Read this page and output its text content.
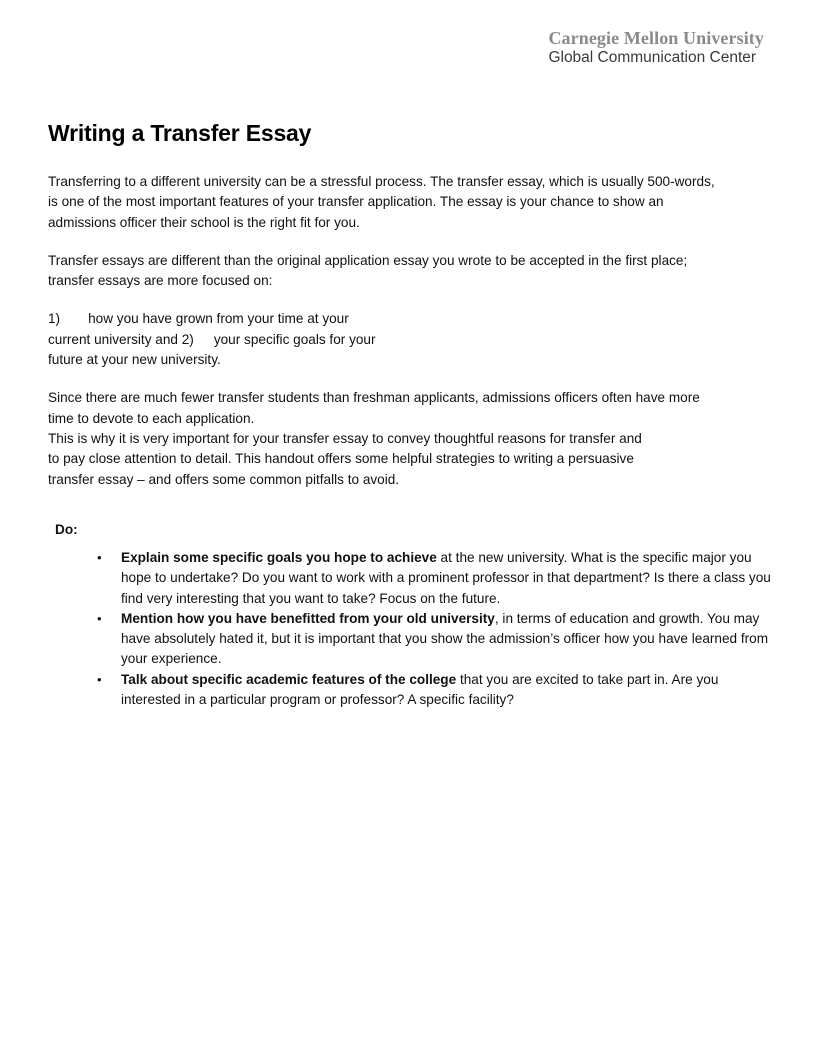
Carnegie Mellon University
Global Communication Center
Writing a Transfer Essay

Transferring to a different university can be a stressful process. The transfer essay, which is usually 500-words,
is one of the most important features of your transfer application. The essay is your chance to show an
admissions officer their school is the right fit for you.

Transfer essays are different than the original application essay you wrote to be accepted in the first place;
transfer essays are more focused on:

1) how you have grown from your time at your
current university and 2) your specific goals for your
future at your new university.

Since there are much fewer transfer students than freshman applicants, admissions officers often have more
time to devote to each application.
This is why it is very important for your transfer essay to convey thoughtful reasons for transfer and
to pay close attention to detail. This handout offers some helpful strategies to writing a persuasive
transfer essay – and offers some common pitfalls to avoid.

Do:
• Explain some specific goals you hope to achieve at the new university. What is the specific major you hope to undertake? Do you want to work with a prominent professor in that department? Is there a class you find very interesting that you want to take? Focus on the future.
• Mention how you have benefitted from your old university, in terms of education and growth. You may have absolutely hated it, but it is important that you show the admission’s officer how you have learned from your experience.
• Talk about specific academic features of the college that you are excited to take part in. Are you interested in a particular program or professor? A specific facility?
